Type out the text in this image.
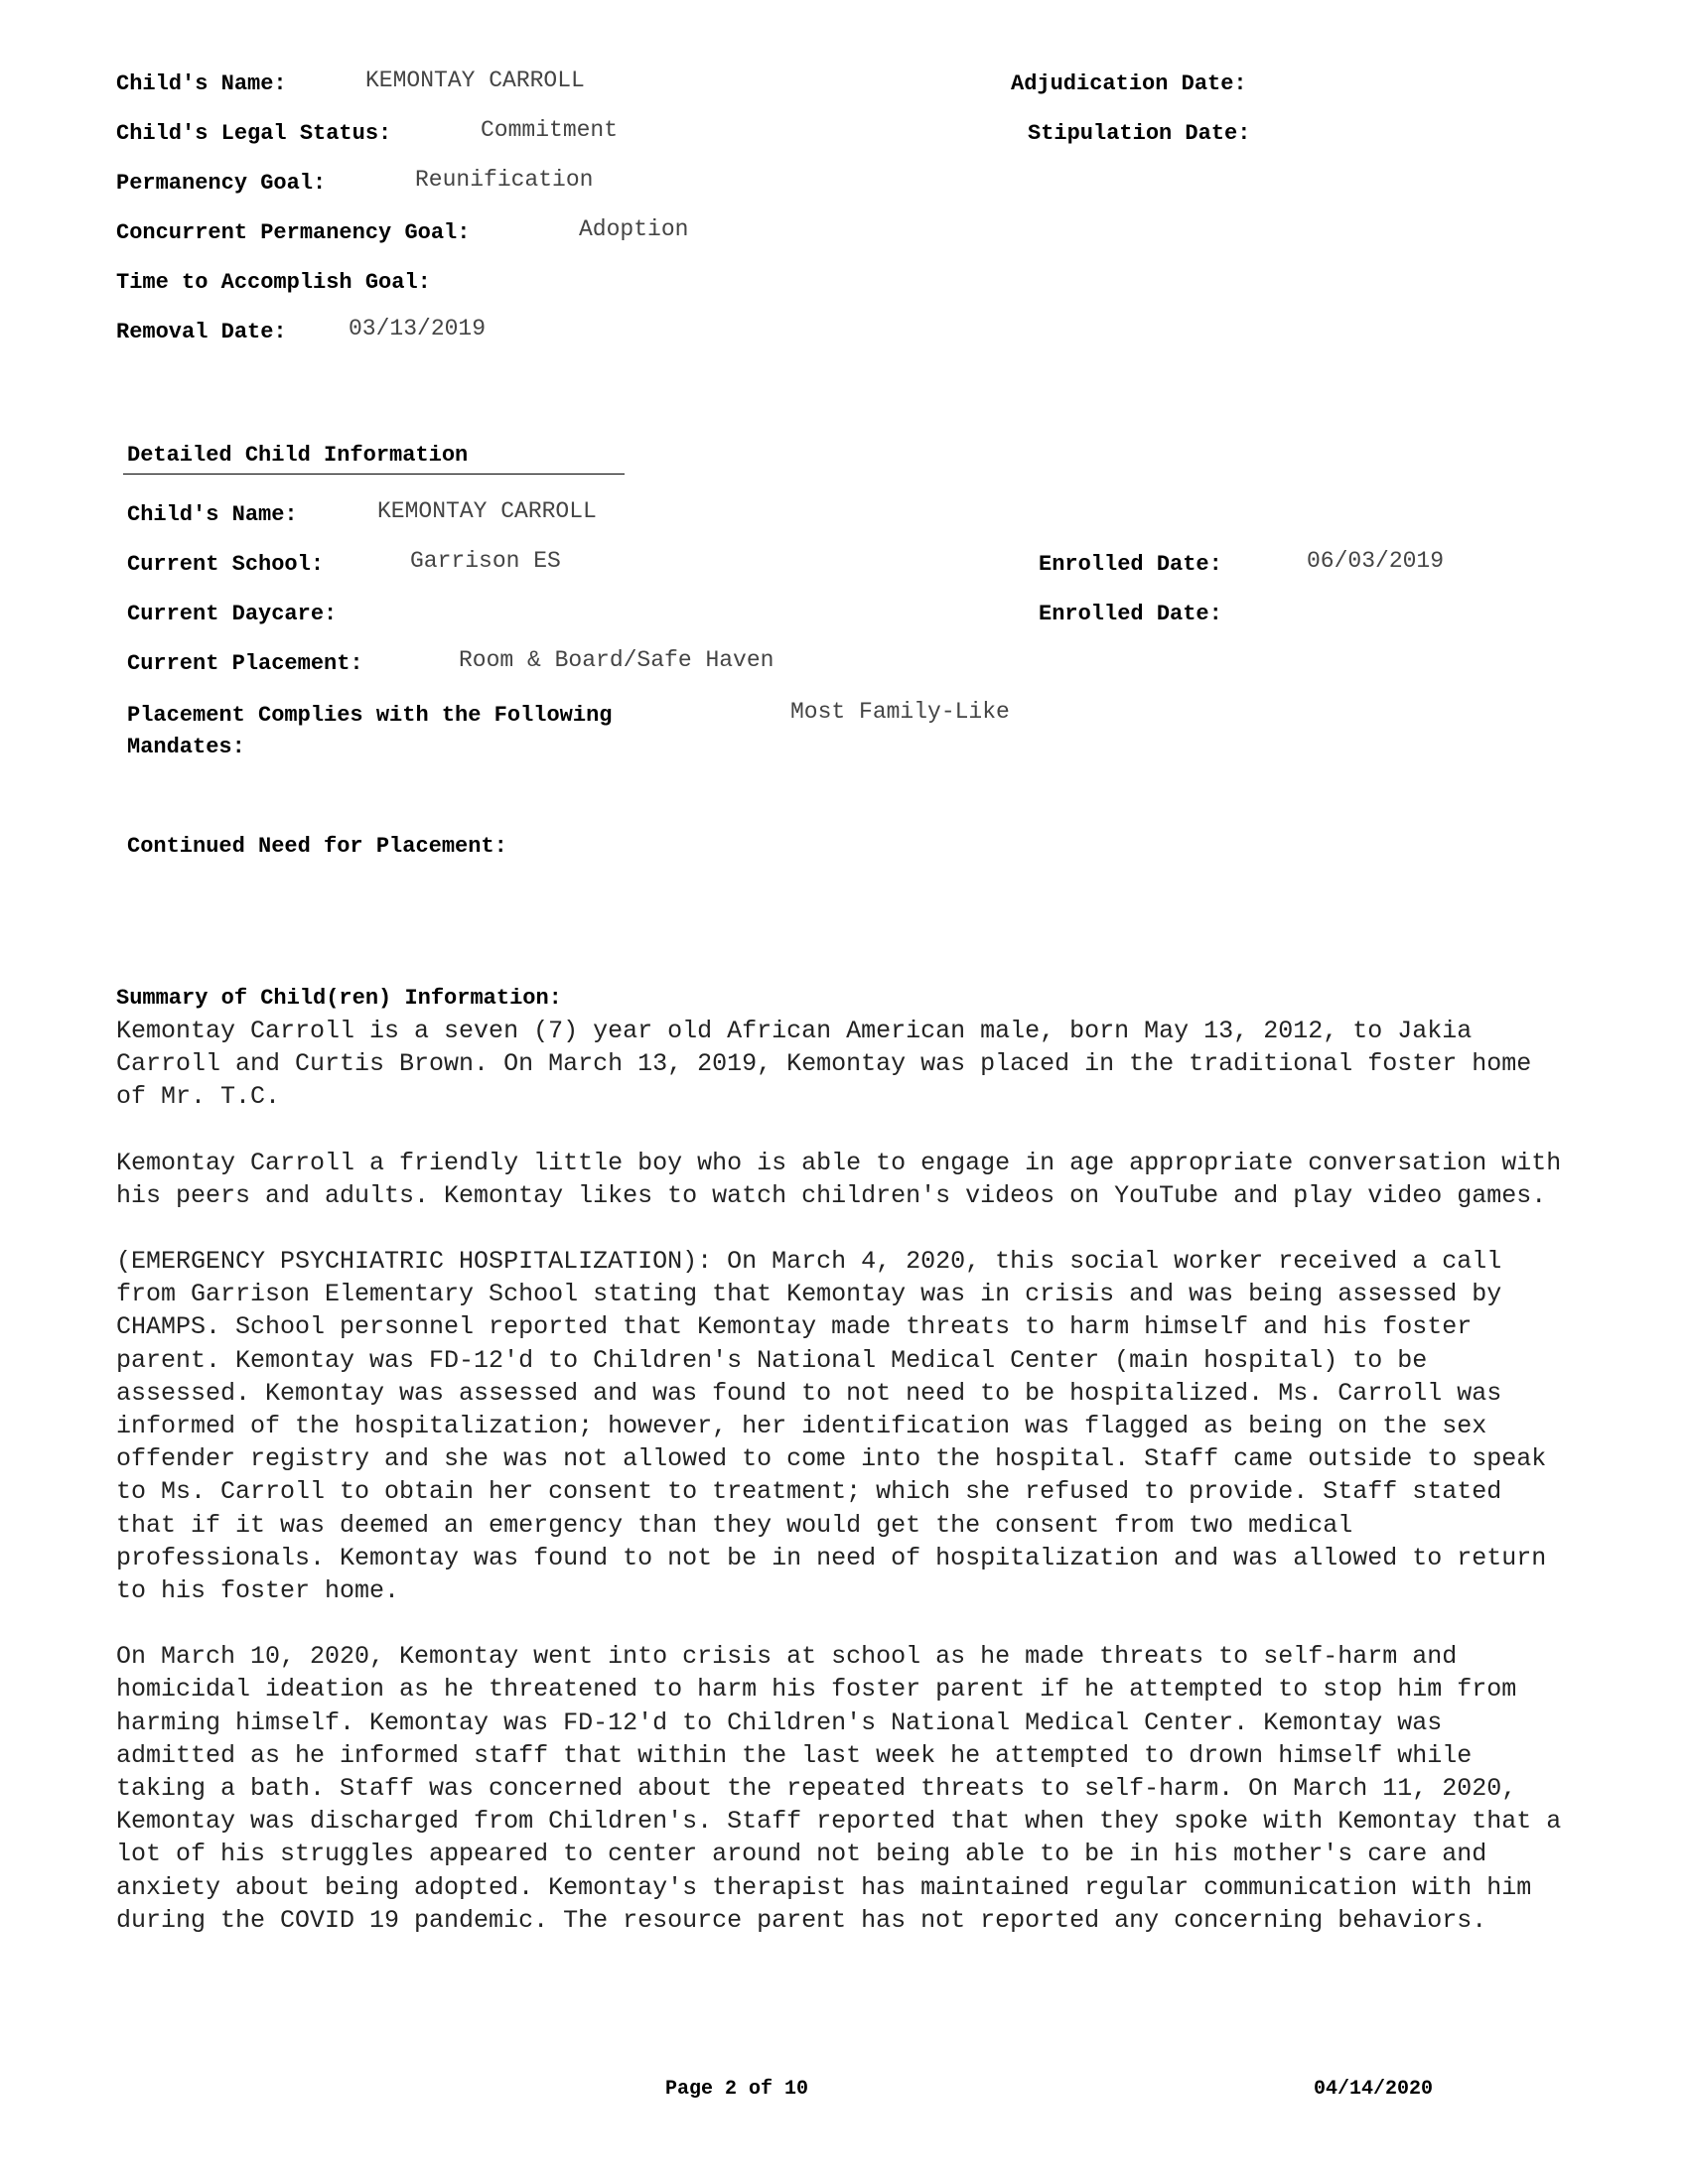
Child's Name:	KEMONTAY CARROLL
Child's Legal Status:	Commitment
Permanency Goal:	Reunification
Concurrent Permanency Goal:	Adoption
Time to Accomplish Goal:
Removal Date:	03/13/2019
Adjudication Date:
Stipulation Date:
Detailed Child Information
Child's Name:	KEMONTAY CARROLL
Current School:	Garrison ES	Enrolled Date:	06/03/2019
Current Daycare:	Enrolled Date:
Current Placement:	Room & Board/Safe Haven
Placement Complies with the Following
Mandates:
Most Family-Like
Continued Need for Placement:
Summary of Child(ren) Information:

Kemontay Carroll is a seven (7) year old African American male, born May 13, 2012, to Jakia Carroll and Curtis Brown. On March 13, 2019, Kemontay was placed in the traditional foster home of Mr. T.C.

Kemontay Carroll a friendly little boy who is able to engage in age appropriate conversation with his peers and adults. Kemontay likes to watch children's videos on YouTube and play video games.

(EMERGENCY PSYCHIATRIC HOSPITALIZATION): On March 4, 2020, this social worker received a call from Garrison Elementary School stating that Kemontay was in crisis and was being assessed by CHAMPS. School personnel reported that Kemontay made threats to harm himself and his foster parent. Kemontay was FD-12'd to Children's National Medical Center (main hospital) to be assessed. Kemontay was assessed and was found to not need to be hospitalized. Ms. Carroll was informed of the hospitalization; however, her identification was flagged as being on the sex offender registry and she was not allowed to come into the hospital. Staff came outside to speak to Ms. Carroll to obtain her consent to treatment; which she refused to provide. Staff stated that if it was deemed an emergency than they would get the consent from two medical professionals. Kemontay was found to not be in need of hospitalization and was allowed to return to his foster home.

On March 10, 2020, Kemontay went into crisis at school as he made threats to self-harm and homicidal ideation as he threatened to harm his foster parent if he attempted to stop him from harming himself. Kemontay was FD-12'd to Children's National Medical Center. Kemontay was admitted as he informed staff that within the last week he attempted to drown himself while taking a bath. Staff was concerned about the repeated threats to self-harm. On March 11, 2020, Kemontay was discharged from Children's. Staff reported that when they spoke with Kemontay that a lot of his struggles appeared to center around not being able to be in his mother's care and anxiety about being adopted. Kemontay's therapist has maintained regular communication with him during the COVID 19 pandemic. The resource parent has not reported any concerning behaviors.

Page 2 of 10	04/14/2020
